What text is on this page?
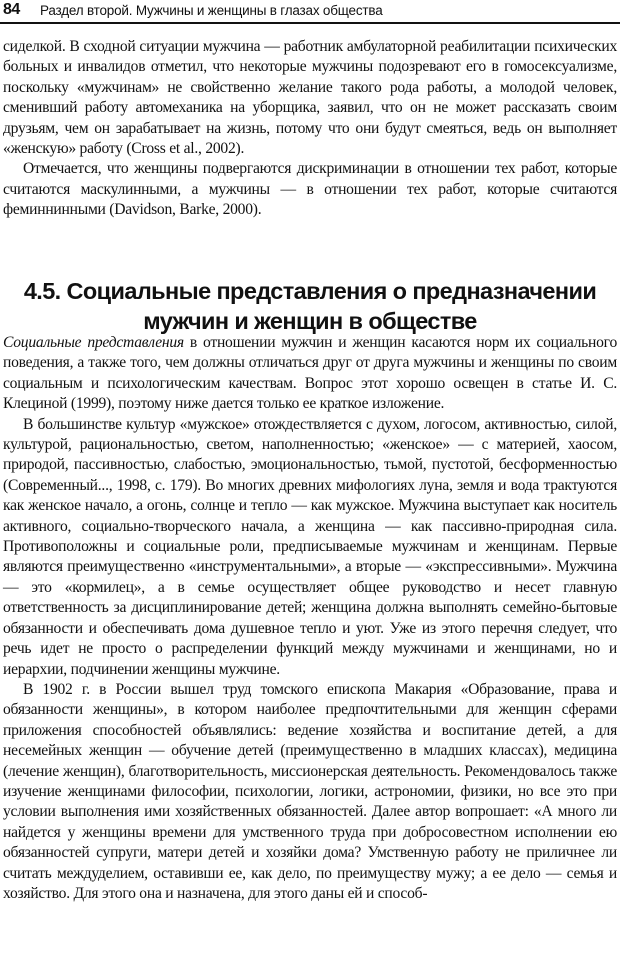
84 Раздел второй. Мужчины и женщины в глазах общества

сиделкой. В сходной ситуации мужчина — работник амбулаторной реабилитации психических больных и инвалидов отметил, что некоторые мужчины подозревают его в гомосексуализме, поскольку «мужчинам» не свойственно желание такого рода работы, а молодой человек, сменивший работу автомеханика на уборщика, заявил, что он не может рассказать своим друзьям, чем он зарабатывает на жизнь, потому что они будут смеяться, ведь он выполняет «женскую» работу (Cross et al., 2002).

Отмечается, что женщины подвергаются дискриминации в отношении тех работ, которые считаются маскулинными, а мужчины — в отношении тех работ, которые считаются феминнинными (Davidson, Barke, 2000).

4.5. Социальные представления о предназначении
мужчин и женщин в обществе

Социальные представления в отношении мужчин и женщин касаются норм их социального поведения, а также того, чем должны отличаться друг от друга мужчины и женщины по своим социальным и психологическим качествам. Вопрос этот хорошо освещен в статье И. С. Клециной (1999), поэтому ниже дается только ее краткое изложение.

В большинстве культур «мужское» отождествляется с духом, логосом, активностью, силой, культурой, рациональностью, светом, наполненностью; «женское» — с материей, хаосом, природой, пассивностью, слабостью, эмоциональностью, тьмой, пустотой, бесформенностью (Современный..., 1998, с. 179). Во многих древних мифологиях луна, земля и вода трактуются как женское начало, а огонь, солнце и тепло — как мужское. Мужчина выступает как носитель активного, социально-творческого начала, а женщина — как пассивно-природная сила. Противоположны и социальные роли, предписываемые мужчинам и женщинам. Первые являются преимущественно «инструментальными», а вторые — «экспрессивными». Мужчина — это «кормилец», а в семье осуществляет общее руководство и несет главную ответственность за дисциплинирование детей; женщина должна выполнять семейно-бытовые обязанности и обеспечивать дома душевное тепло и уют. Уже из этого перечня следует, что речь идет не просто о распределении функций между мужчинами и женщинами, но и иерархии, подчинении женщины мужчине.

В 1902 г. в России вышел труд томского епископа Макария «Образование, права и обязанности женщины», в котором наиболее предпочтительными для женщин сферами приложения способностей объявлялись: ведение хозяйства и воспитание детей, а для несемейных женщин — обучение детей (преимущественно в младших классах), медицина (лечение женщин), благотворительность, миссионерская деятельность. Рекомендовалось также изучение женщинами философии, психологии, логики, астрономии, физики, но все это при условии выполнения ими хозяйственных обязанностей. Далее автор вопрошает: «А много ли найдется у женщины времени для умственного труда при добросовестном исполнении ею обязанностей супруги, матери детей и хозяйки дома? Умственную работу не приличнее ли считать междуделием, оставивши ее, как дело, по преимуществу мужу; а ее дело — семья и хозяйство. Для этого она и назначена, для этого даны ей и способ-
